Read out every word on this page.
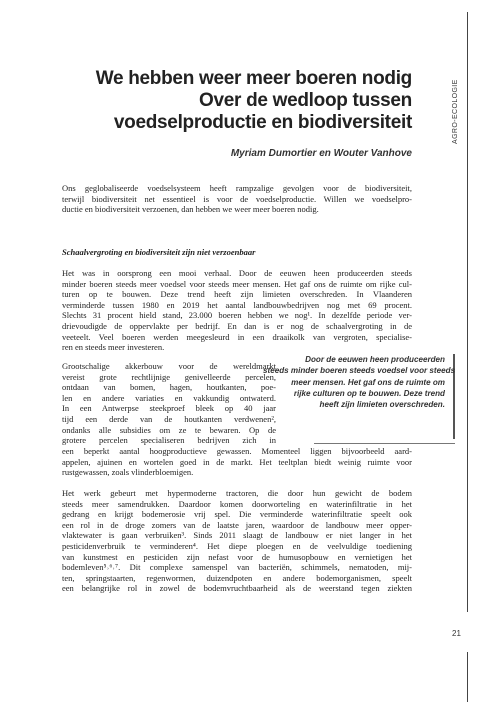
AGRO-ECOLOGIE
21
We hebben weer meer boeren nodig
Over de wedloop tussen
voedselproductie en biodiversiteit

Myriam Dumortier en Wouter Vanhove

Ons geglobaliseerde voedselsysteem heeft rampzalige gevolgen voor de biodiversiteit,
terwijl biodiversiteit net essentieel is voor de voedselproductie. Willen we voedselpro-
ductie en biodiversiteit verzoenen, dan hebben we weer meer boeren nodig.

Schaalvergroting en biodiversiteit zijn niet verzoenbaar

Het was in oorsprong een mooi verhaal. Door de eeuwen heen produceerden steeds
minder boeren steeds meer voedsel voor steeds meer mensen. Het gaf ons de ruimte om rijke cul-
turen op te bouwen. Deze trend heeft zijn limieten overschreden. In Vlaanderen
verminderde tussen 1980 en 2019 het aantal landbouwbedrijven nog met 69 procent.
Slechts 31 procent hield stand, 23.000 boeren hebben we nog¹. In dezelfde periode ver-
drievoudigde de oppervlakte per bedrijf. En dan is er nog de schaalvergroting in de
veeteelt. Veel boeren werden meegesleurd in een draaikolk van vergroten, specialise-
ren en steeds meer investeren.

Grootschalige akkerbouw voor de wereldmarkt
vereist grote rechtlijnige genivelleerde percelen,
ontdaan van bomen, hagen, houtkanten, poe-
len en andere variaties en vakkundig ontwaterd.
In een Antwerpse steekproef bleek op 40 jaar
tijd een derde van de houtkanten verdwenen²,
ondanks alle subsidies om ze te bewaren. Op de
grotere percelen specialiseren bedrijven zich in

Door de eeuwen heen produceerden
steeds minder boeren steeds voedsel voor steeds
meer mensen. Het gaf ons de ruimte om
rijke culturen op te bouwen. Deze trend
heeft zijn limieten overschreden.

een beperkt aantal hoogproductieve gewassen. Momenteel liggen bijvoorbeeld aard-
appelen, ajuinen en wortelen goed in de markt. Het teeltplan biedt weinig ruimte voor
rustgewassen, zoals vlinderbloemigen.

Het werk gebeurt met hypermoderne tractoren, die door hun gewicht de bodem
steeds meer samendrukken. Daardoor komen doorworteling en waterinfiltratie in het
gedrang en krijgt bodemerosie vrij spel. Die verminderde waterinfiltratie speelt ook
een rol in de droge zomers van de laatste jaren, waardoor de landbouw meer opper-
vlaktewater is gaan verbruiken³. Sinds 2011 slaagt de landbouw er niet langer in het
pesticidenverbruik te verminderen⁴. Het diepe ploegen en de veelvuldige toediening
van kunstmest en pesticiden zijn nefast voor de humusopbouw en vernietigen het
bodemleven⁵˒⁶˒⁷. Dit complexe samenspel van bacteriën, schimmels, nematoden, mij-
ten, springstaarten, regenwormen, duizendpoten en andere bodemorganismen, speelt
een belangrijke rol in zowel de bodemvruchtbaarheid als de weerstand tegen ziekten
